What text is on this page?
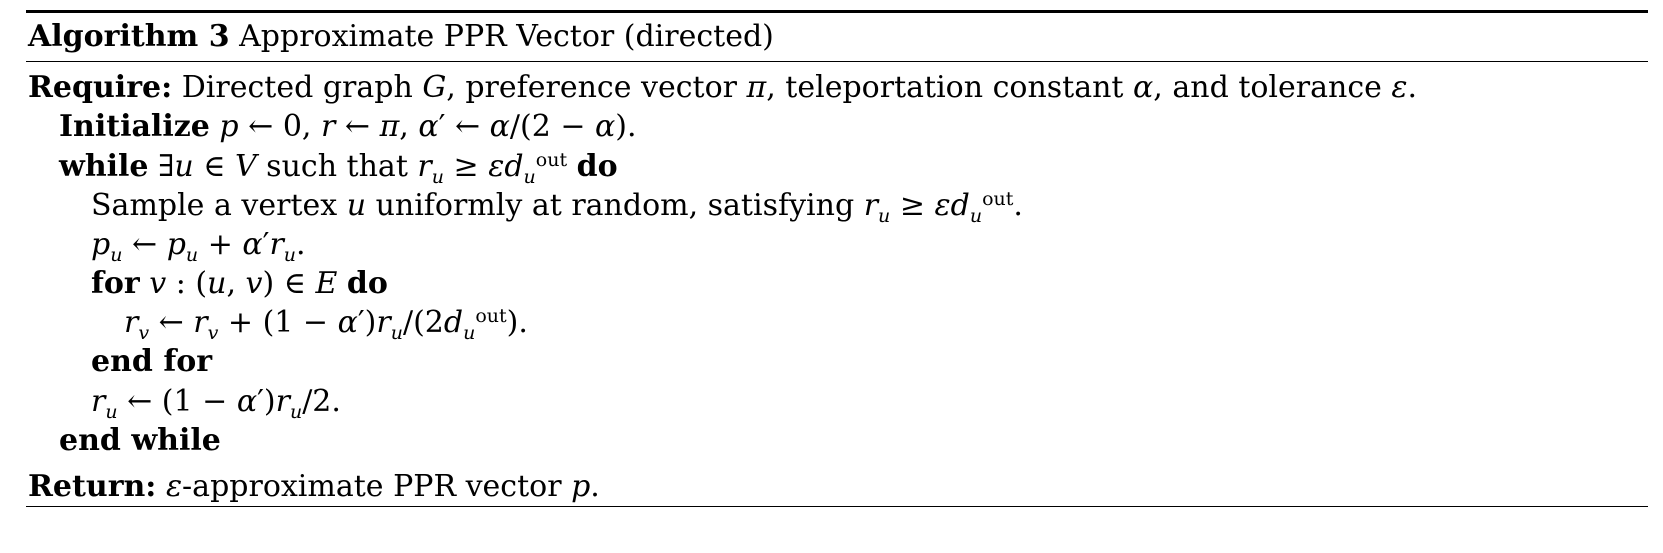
Algorithm 3 Approximate PPR Vector (directed)
Require: Directed graph G, preference vector π, teleportation constant α, and tolerance ε.
Initialize p ← 0, r ← π, α′ ← α/(2 − α).
while ∃u ∈ V such that $r_u \ge \varepsilon d_u^{out}$ do
Sample a vertex u uniformly at random, satisfying $r_u \ge \varepsilon d_u^{out}$.
$p_u$ ← $p_u + \alpha'r_u$.
for v : (u, v) ∈ E do
$r_v$ ← $r_v + (1 - \alpha')r_u/(2d_u^{out})$.
end for
$r_u$ ← $(1 - \alpha')r_u/2$.
end while
Return: ε-approximate PPR vector p.
